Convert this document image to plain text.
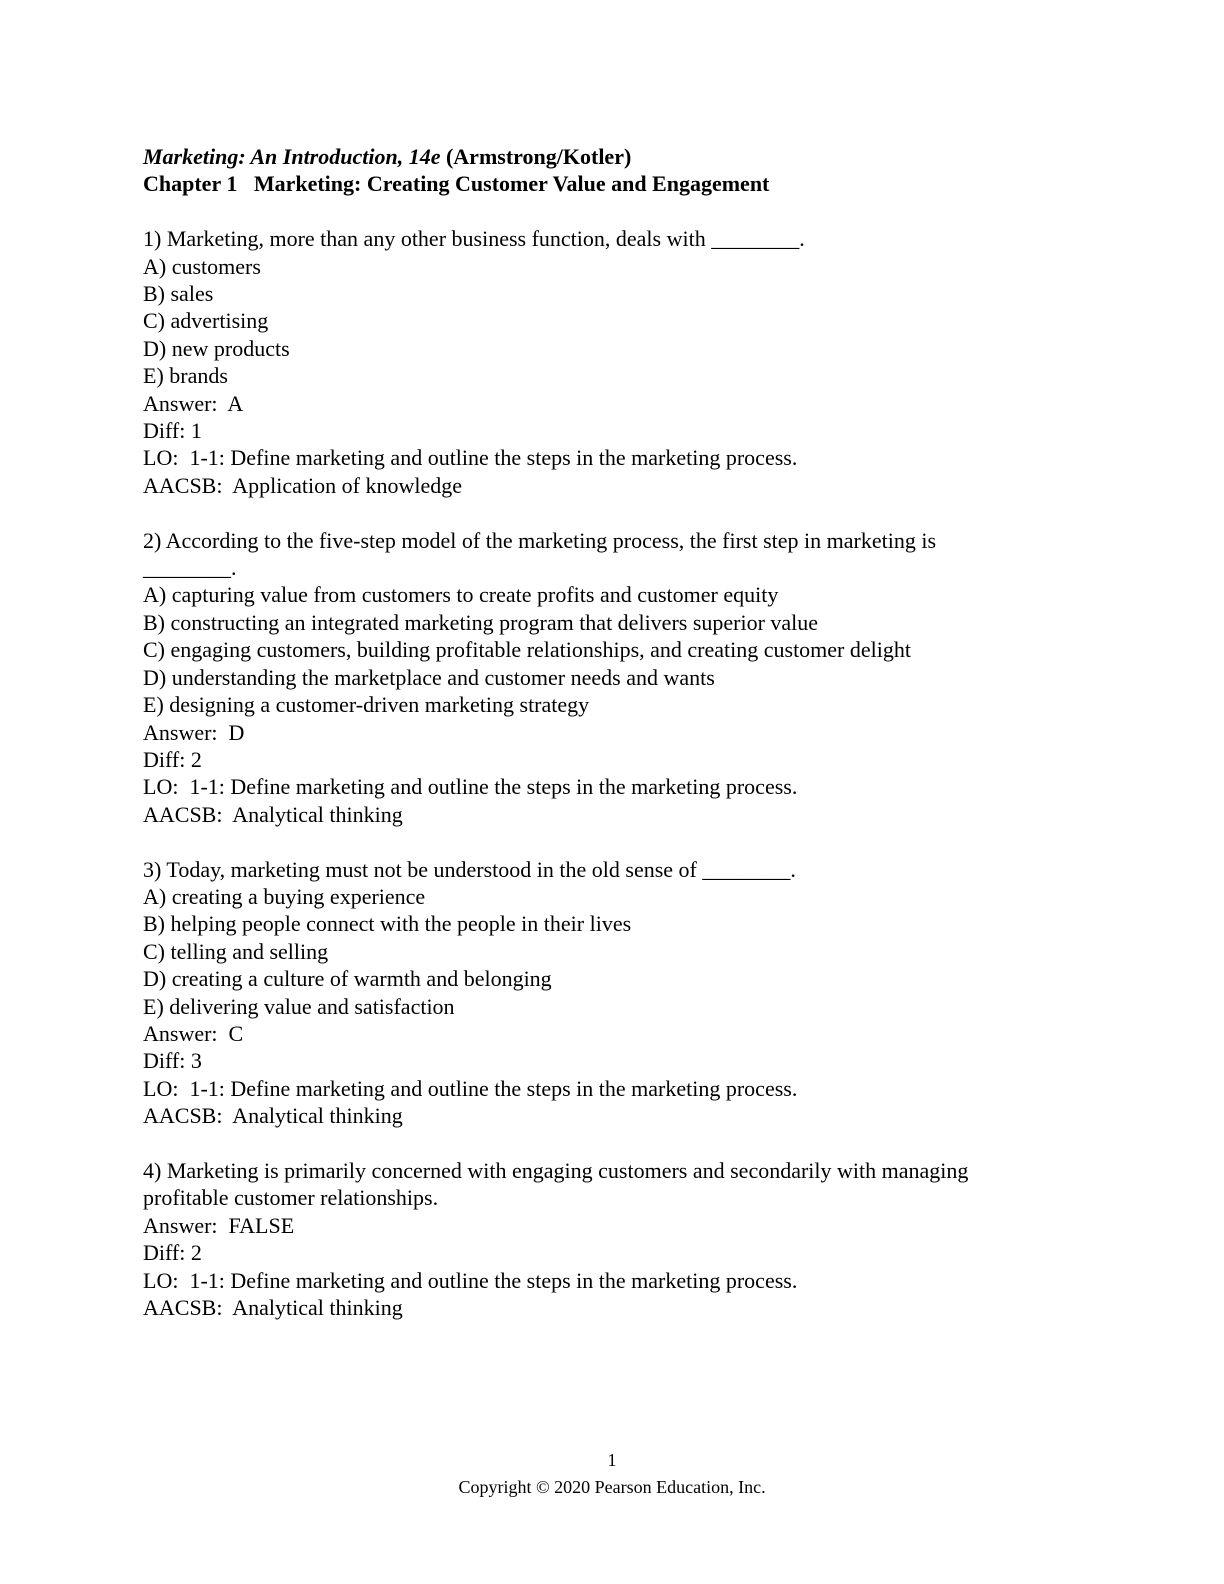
Marketing: An Introduction, 14e (Armstrong/Kotler)
Chapter 1   Marketing: Creating Customer Value and Engagement
1) Marketing, more than any other business function, deals with ________.
A) customers
B) sales
C) advertising
D) new products
E) brands
Answer:  A
Diff: 1
LO:  1-1: Define marketing and outline the steps in the marketing process.
AACSB:  Application of knowledge
2) According to the five-step model of the marketing process, the first step in marketing is ________.
A) capturing value from customers to create profits and customer equity
B) constructing an integrated marketing program that delivers superior value
C) engaging customers, building profitable relationships, and creating customer delight
D) understanding the marketplace and customer needs and wants
E) designing a customer-driven marketing strategy
Answer:  D
Diff: 2
LO:  1-1: Define marketing and outline the steps in the marketing process.
AACSB:  Analytical thinking
3) Today, marketing must not be understood in the old sense of ________.
A) creating a buying experience
B) helping people connect with the people in their lives
C) telling and selling
D) creating a culture of warmth and belonging
E) delivering value and satisfaction
Answer:  C
Diff: 3
LO:  1-1: Define marketing and outline the steps in the marketing process.
AACSB:  Analytical thinking
4) Marketing is primarily concerned with engaging customers and secondarily with managing profitable customer relationships.
Answer:  FALSE
Diff: 2
LO:  1-1: Define marketing and outline the steps in the marketing process.
AACSB:  Analytical thinking
1
Copyright © 2020 Pearson Education, Inc.
